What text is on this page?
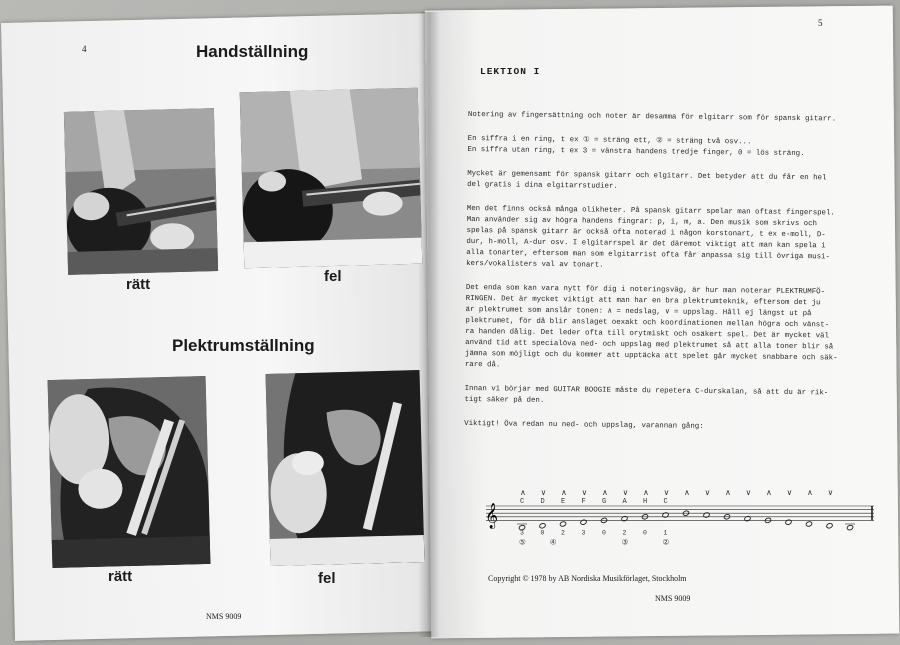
4	Handställning
rätt	fel
Plektrumställning
rätt	fel
NMS 9009
5
LEKTION I

Notering av fingersättning och noter är desamma för elgitarr som för spansk gitarr.

En siffra i en ring, t ex ① = sträng ett, ② = sträng två osv...

En siffra utan ring, t ex 3 = vänstra handens tredje finger, 0 = lös sträng.

Mycket är gemensamt för spansk gitarr och elgitarr. Det betyder att du får en hel

del gratis i dina elgitarrstudier.

Men det finns också många olikheter. På spansk gitarr spelar man oftast fingerspel.

Man använder sig av högra handens fingrar: p, i, m, a. Den musik som skrivs och

spelas på spansk gitarr är också ofta noterad i någon korstonart, t ex e-moll, D-

dur, h-moll, A-dur osv. I elgitarrspel är det däremot viktigt att man kan spela i

alla tonarter, eftersom man som elgitarrist ofta får anpassa sig till övriga musi-

kers/vokalisters val av tonart.

Det enda som kan vara nytt för dig i noteringsväg, är hur man noterar PLEKTRUMFÖ-

RINGEN. Det är mycket viktigt att man har en bra plektrumteknik, eftersom det ju

är plektrumet som anslår tonen: ∧ = nedslag, ∨ = uppslag. Håll ej längst ut på

plektrumet, för då blir anslaget oexakt och koordinationen mellan högra och vänst-

ra handen dålig. Det leder ofta till orytmiskt och osäkert spel. Det är mycket väl

använd tid att specialöva ned- och uppslag med plektrumet så att alla toner blir så

jämna som möjligt och du kommer att upptäcka att spelet går mycket snabbare och säk-

rare då.

Innan vi börjar med GUITAR BOOGIE måste du repetera C-durskalan, så att du är rik-

tigt säker på den.

Viktigt! Öva redan nu ned- och uppslag, varannan gång:

𝄞
∧ ∨ ∧ ∨ ∧ ∨ ∧ ∨ ∧ ∨ ∧ ∨ ∧ ∨ ∧ ∨
C D E F G A H C
3	0	2	3	0	2	0	1
⑤	④	③	②
Copyright © 1978 by AB Nordiska Musikförlaget, Stockholm
NMS 9009
